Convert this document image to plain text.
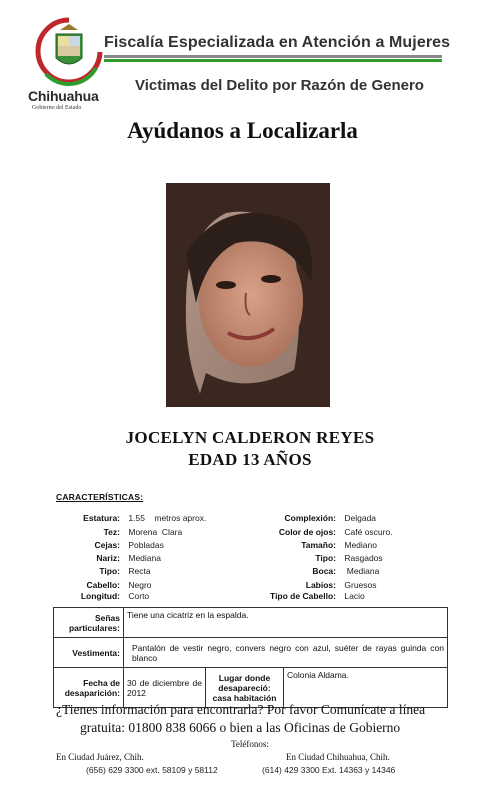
Chihuahua
Gobierno del Estado
Fiscalía Especializada en Atención a Mujeres
Victimas del Delito por Razón de Genero
Ayúdanos a Localizarla
JOCELYN CALDERON REYES
EDAD 13 AÑOS
CARACTERÍSTICAS:
Estatura: 1.55    metros aprox.
Tez: Morena  Clara
Cejas: Pobladas
Nariz: Mediana
Tipo: Recta
Cabello: Negro
Longitud: Corto
Complexión: Delgada
Color de ojos: Café oscuro.
Tamaño: Mediano
Tipo: Rasgados
Boca:  Mediana
Labios: Gruesos
Tipo de Cabello: Lacio
Señas particulares:	Tiene una cicatriz en la espalda.		
Vestimenta:	Pantalón de vestir negro, convers negro con azul, suéter de rayas guinda con blanco		
Fecha de desaparición:	30 de diciembre de 2012	Lugar donde desapareció: casa habitación	Colonia Aldama.
¿Tienes información para encontrarla? Por favor Comunícate a línea
gratuita: 01800 838 6066 o bien a las Oficinas de Gobierno
Teléfonos:
En Ciudad Juárez, Chih.
(656) 629 3300 ext. 58109 y 58112
En Ciudad Chihuahua, Chih.
(614) 429 3300 Ext. 14363 y 14346
